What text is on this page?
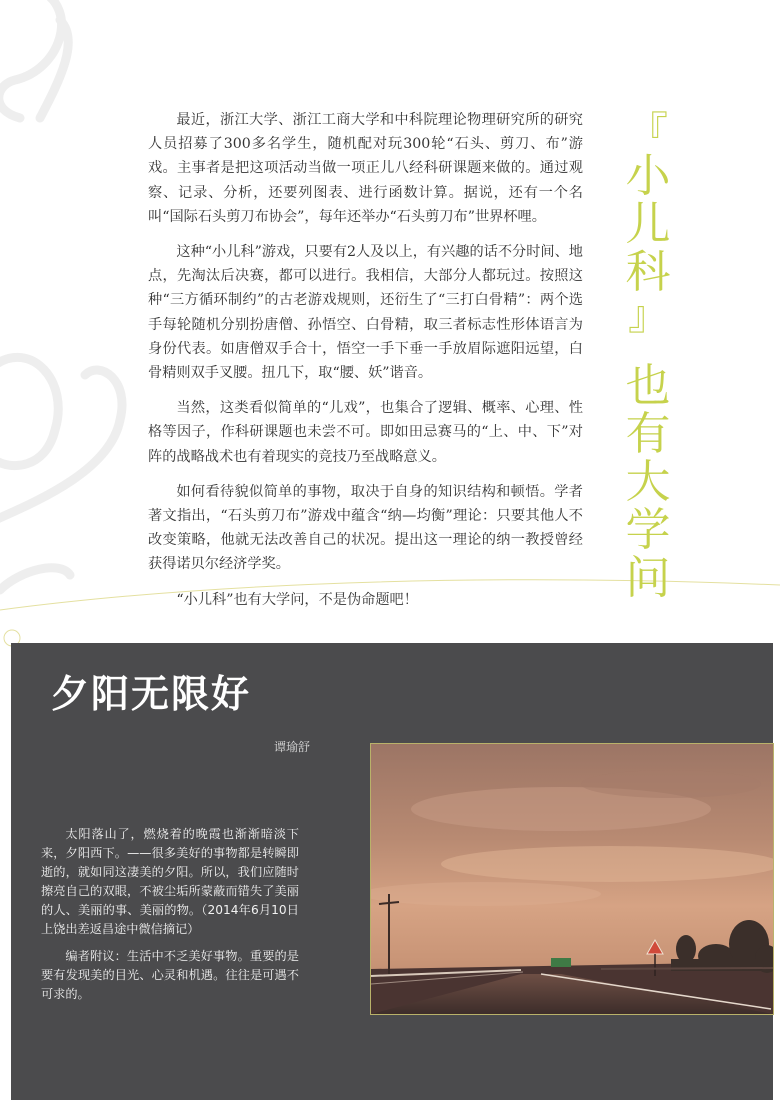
最近，浙江大学、浙江工商大学和中科院理论物理研究所的研究人员招募了300多名学生，随机配对玩300轮“石头、剪刀、布”游戏。主事者是把这项活动当做一项正儿八经科研课题来做的。通过观察、记录、分析，还要列图表、进行函数计算。据说，还有一个名叫“国际石头剪刀布协会”，每年还举办“石头剪刀布”世界杯哩。

这种“小儿科”游戏，只要有2人及以上，有兴趣的话不分时间、地点，先淘汰后决赛，都可以进行。我相信，大部分人都玩过。按照这种“三方循环制约”的古老游戏规则，还衍生了“三打白骨精”：两个选手每轮随机分别扮唐僧、孙悟空、白骨精，取三者标志性形体语言为身份代表。如唐僧双手合十，悟空一手下垂一手放眉际遮阳远望，白骨精则双手叉腰。扭几下，取“腰、妖”谐音。

当然，这类看似简单的“儿戏”，也集合了逻辑、概率、心理、性格等因子，作科研课题也未尝不可。即如田忌赛马的“上、中、下”对阵的战略战术也有着现实的竞技乃至战略意义。

如何看待貌似简单的事物，取决于自身的知识结构和顿悟。学者著文指出，“石头剪刀布”游戏中蕴含“纳—均衡”理论：只要其他人不改变策略，他就无法改善自己的状况。提出这一理论的纳一教授曾经获得诺贝尔经济学奖。

“小儿科”也有大学问，不是伪命题吧！

『
小
儿
科
』
也
有
大
学
问
夕阳无限好
谭瑜舒

太阳落山了，燃烧着的晚霞也渐渐暗淡下来，夕阳西下。——很多美好的事物都是转瞬即逝的，就如同这凄美的夕阳。所以，我们应随时擦亮自己的双眼，不被尘垢所蒙蔽而错失了美丽的人、美丽的事、美丽的物。（2014年6月10日上饶出差返昌途中微信摘记）

编者附议：生活中不乏美好事物。重要的是要有发现美的目光、心灵和机遇。往往是可遇不可求的。
